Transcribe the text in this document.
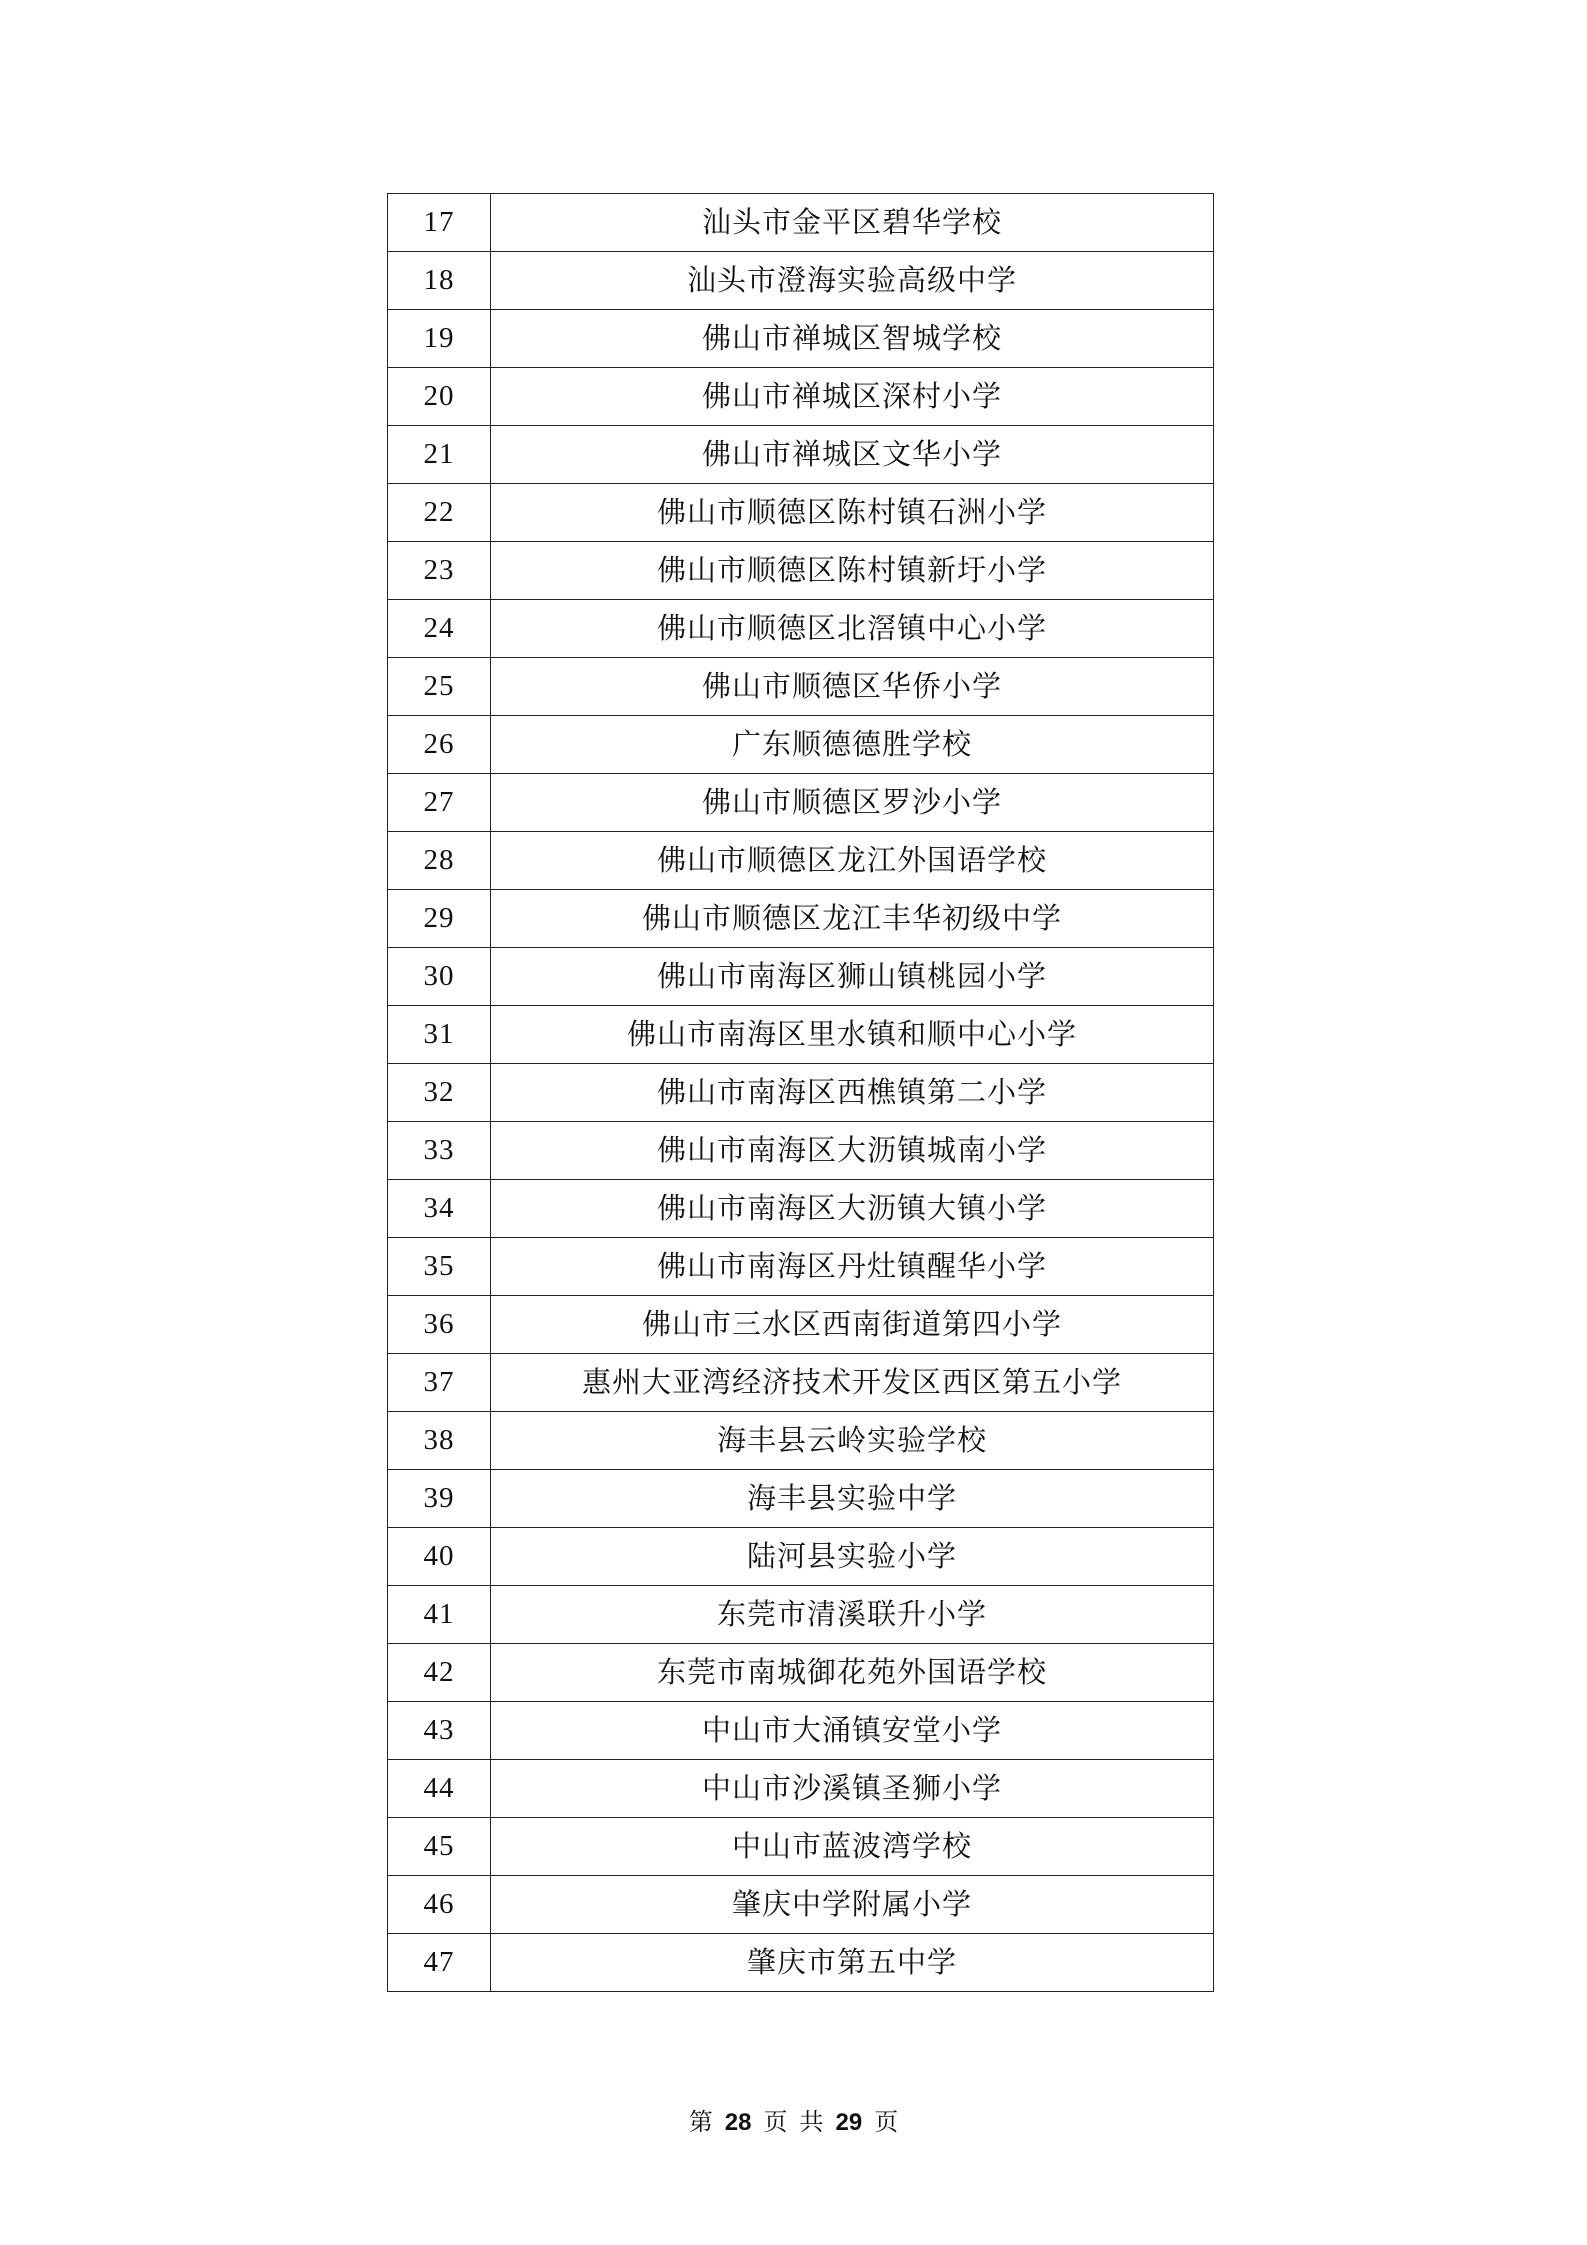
17	汕头市金平区碧华学校
18	汕头市澄海实验高级中学
19	佛山市禅城区智城学校
20	佛山市禅城区深村小学
21	佛山市禅城区文华小学
22	佛山市顺德区陈村镇石洲小学
23	佛山市顺德区陈村镇新圩小学
24	佛山市顺德区北滘镇中心小学
25	佛山市顺德区华侨小学
26	广东顺德德胜学校
27	佛山市顺德区罗沙小学
28	佛山市顺德区龙江外国语学校
29	佛山市顺德区龙江丰华初级中学
30	佛山市南海区狮山镇桃园小学
31	佛山市南海区里水镇和顺中心小学
32	佛山市南海区西樵镇第二小学
33	佛山市南海区大沥镇城南小学
34	佛山市南海区大沥镇大镇小学
35	佛山市南海区丹灶镇醒华小学
36	佛山市三水区西南街道第四小学
37	惠州大亚湾经济技术开发区西区第五小学
38	海丰县云岭实验学校
39	海丰县实验中学
40	陆河县实验小学
41	东莞市清溪联升小学
42	东莞市南城御花苑外国语学校
43	中山市大涌镇安堂小学
44	中山市沙溪镇圣狮小学
45	中山市蓝波湾学校
46	肇庆中学附属小学
47	肇庆市第五中学
第 28 页 共 29 页
